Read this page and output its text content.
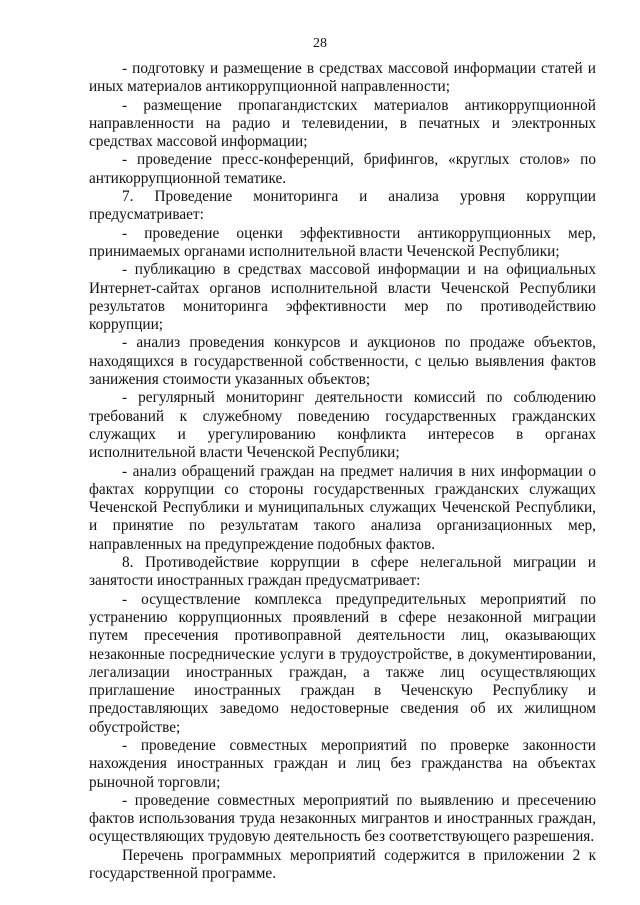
28

- подготовку и размещение в средствах массовой информации статей и иных материалов антикоррупционной направленности;

- размещение пропагандистских материалов антикоррупционной направленности на радио и телевидении, в печатных и электронных средствах массовой информации;

- проведение пресс-конференций, брифингов, «круглых столов» по антикоррупционной тематике.

7. Проведение мониторинга и анализа уровня коррупции предусматривает:

- проведение оценки эффективности антикоррупционных мер, принимаемых органами исполнительной власти Чеченской Республики;

- публикацию в средствах массовой информации и на официальных Интернет-сайтах органов исполнительной власти Чеченской Республики результатов мониторинга эффективности мер по противодействию коррупции;

- анализ проведения конкурсов и аукционов по продаже объектов, находящихся в государственной собственности, с целью выявления фактов занижения стоимости указанных объектов;

- регулярный мониторинг деятельности комиссий по соблюдению требований к служебному поведению государственных гражданских служащих и урегулированию конфликта интересов в органах исполнительной власти Чеченской Республики;

- анализ обращений граждан на предмет наличия в них информации о фактах коррупции со стороны государственных гражданских служащих Чеченской Республики и муниципальных служащих Чеченской Республики, и принятие по результатам такого анализа организационных мер, направленных на предупреждение подобных фактов.

8. Противодействие коррупции в сфере нелегальной миграции и занятости иностранных граждан предусматривает:

- осуществление комплекса предупредительных мероприятий по устранению коррупционных проявлений в сфере незаконной миграции путем пресечения противоправной деятельности лиц, оказывающих незаконные посреднические услуги в трудоустройстве, в документировании, легализации иностранных граждан, а также лиц осуществляющих приглашение иностранных граждан в Чеченскую Республику и предоставляющих заведомо недостоверные сведения об их жилищном обустройстве;

- проведение совместных мероприятий по проверке законности нахождения иностранных граждан и лиц без гражданства на объектах рыночной торговли;

- проведение совместных мероприятий по выявлению и пресечению фактов использования труда незаконных мигрантов и иностранных граждан, осуществляющих трудовую деятельность без соответствующего разрешения.

Перечень программных мероприятий содержится в приложении 2 к государственной программе.
